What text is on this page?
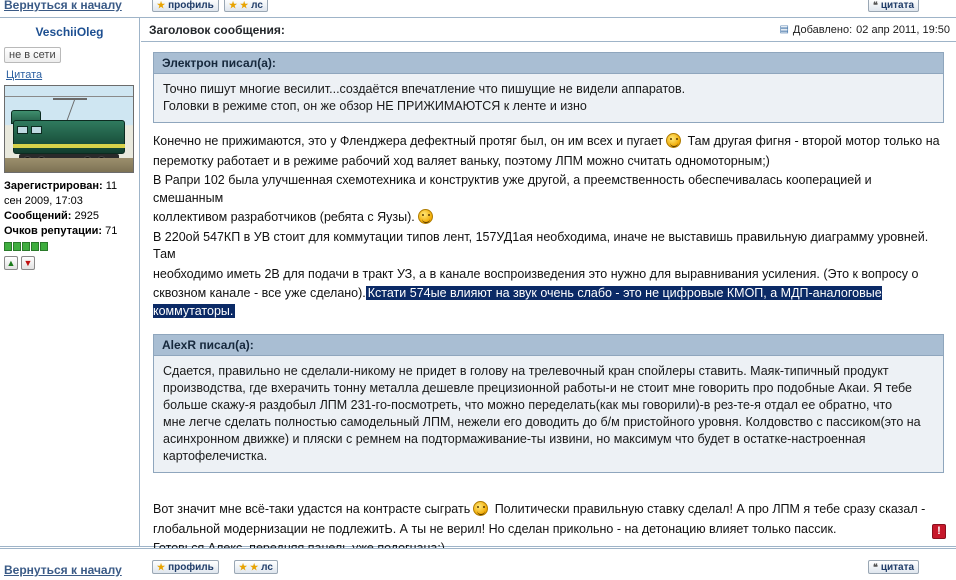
Вернуться к началу	★ профиль ★ ★ лс	❝ цитата
VeschiiOleg
не в сети
Цитата
Зарегистрирован: 11 сен 2009, 17:03
Сообщений: 2925
Очков репутации: 71
▲ ▼
Заголовок сообщения:	▤ Добавлено: 02 апр 2011, 19:50
Электрон писал(а):
Точно пишут многие весилит...создаётся впечатление что пишущие не видели аппаратов.
Головки в режиме стоп, он же обзор НЕ ПРИЖИМАЮТСЯ к ленте и изно
Конечно не прижимаются, это у Фленджера дефектный протяг был, он им всех и пугает Там другая фигня - второй мотор только на
перемотку работает и в режиме рабочий ход валяет ваньку, поэтому ЛПМ можно считать одномоторным;)
В Рапри 102 была улучшенная схемотехника и конструктив уже другой, а преемственность обеспечивалась кооперацией и смешанным
коллективом разработчиков (ребята с Яузы).
В 220ой 547КП в УВ стоит для коммутации типов лент, 157УД1ая необходима, иначе не выставишь правильную диаграмму уровней. Там
необходимо иметь 2В для подачи в тракт УЗ, а в канале воспроизведения это нужно для выравнивания усиления. (Это к вопросу о
сквозном канале - все уже сделано). Кстати 574ые влияют на звук очень слабо - это не цифровые КМОП, а МДП-аналоговые коммутаторы.
AlexR писал(а):
Сдается, правильно не сделали-никому не придет в голову на трелевочный кран спойлеры ставить. Маяк-типичный продукт
производства, где вхерачить тонну металла дешевле прецизионной работы-и не стоит мне говорить про подобные Акаи. Я тебе
больше скажу-я раздобыл ЛПМ 231-го-посмотреть, что можно переделать(как мы говорили)-в рез-те-я отдал ее обратно, что
мне легче сделать полностью самодельный ЛПМ, нежели его доводить до б/м пристойного уровня. Колдовство с пассиком(это на
асинхронном движке) и пляски с ремнем на подтормаживание-ты извини, но максимум что будет в остатке-настроенная
картофелечистка.
Вот значит мне всё-таки удастся на контрасте сыграть Политически правильную ставку сделал! А про ЛПМ я тебе сразу сказал -
глобальной модернизации не подлежитЬ. А ты не верил! Но сделан прикольно - на детонацию влияет только пассик.	!
Вернуться к началу	★ профиль	★ ★ лс	❝ цитата
